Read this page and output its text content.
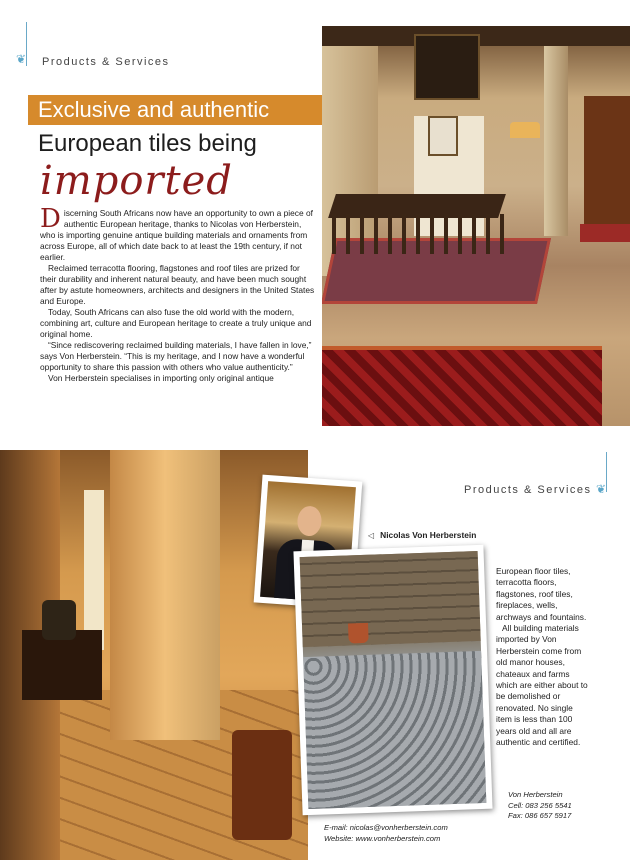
❦ Products & Services
Exclusive and authentic
European tiles being
imported

Discerning South Africans now have an opportunity to own a piece of authentic European heritage, thanks to Nicolas von Herberstein, who is importing genuine antique building materials and ornaments from across Europe, all of which date back to at least the 19th century, if not earlier.

Reclaimed terracotta flooring, flagstones and roof tiles are prized for their durability and inherent natural beauty, and have been much sought after by astute homeowners, architects and designers in the United States and Europe.

Today, South Africans can also fuse the old world with the modern, combining art, culture and European heritage to create a truly unique and original home.

“Since rediscovering reclaimed building materials, I have fallen in love,” says Von Herberstein. “This is my heritage, and I now have a wonderful opportunity to share this passion with others who value authenticity.”

Von Herberstein specialises in importing only original antique

❦
Products & Services
◁ Nicolas Von Herberstein

European floor tiles, terracotta floors, flagstones, roof tiles, fireplaces, wells, archways and fountains.

All building materials imported by Von Herberstein come from old manor houses, chateaux and farms which are either about to be demolished or renovated. No single item is less than 100 years old and all are authentic and certified.

Von Herberstein
Cell: 083 256 5541
Fax: 086 657 5917
E-mail: nicolas@vonherberstein.com
Website: www.vonherberstein.com
